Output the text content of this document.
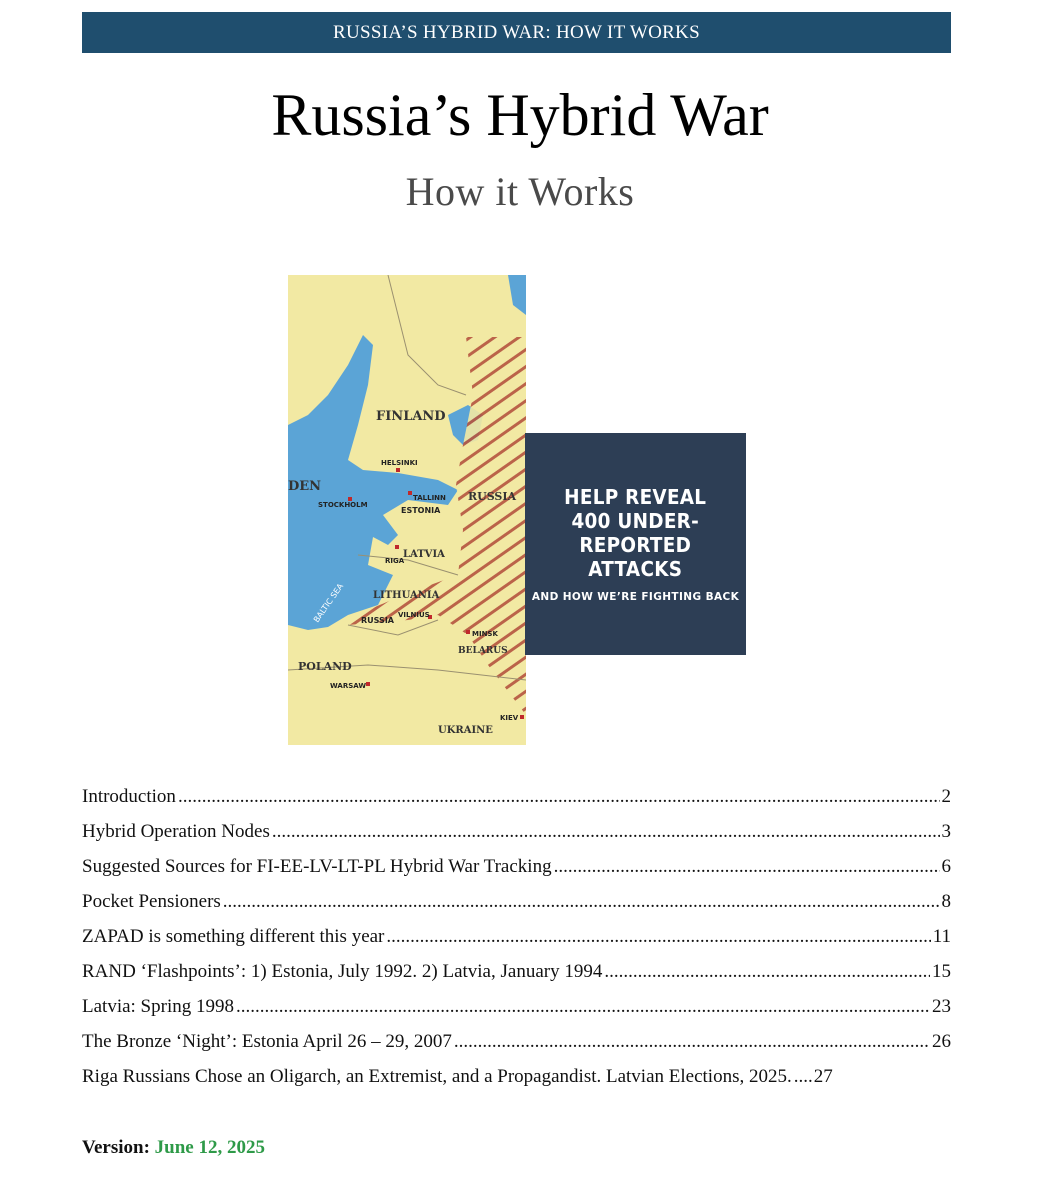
RUSSIA’S HYBRID WAR: HOW IT WORKS
Russia’s Hybrid War
How it Works
FINLAND
RUSSIA
DEN
ESTONIA
LATVIA
LITHUANIA
RUSSIA
BELARUS
POLAND
UKRAINE
HELSINKI
STOCKHOLM
TALLINN
RIGA
VILNIUS
MINSK
WARSAW
KIEV
BALTIC SEA
HELP REVEAL
400 UNDER-
REPORTED
ATTACKS
AND HOW WE’RE FIGHTING BACK
Introduction .....	2
Hybrid Operation Nodes .....	3
Suggested Sources for FI-EE-LV-LT-PL Hybrid War Tracking .....	6
Pocket Pensioners .....	8
ZAPAD is something different this year .....	11
RAND ‘Flashpoints’: 1) Estonia, July 1992. 2) Latvia, January 1994 .....	15
Latvia: Spring 1998 .....	23
The Bronze ‘Night’: Estonia April 26 – 29, 2007 .....	26
Riga Russians Chose an Oligarch, an Extremist, and a Propagandist. Latvian Elections, 2025. ..... 27
Version: June 12, 2025
